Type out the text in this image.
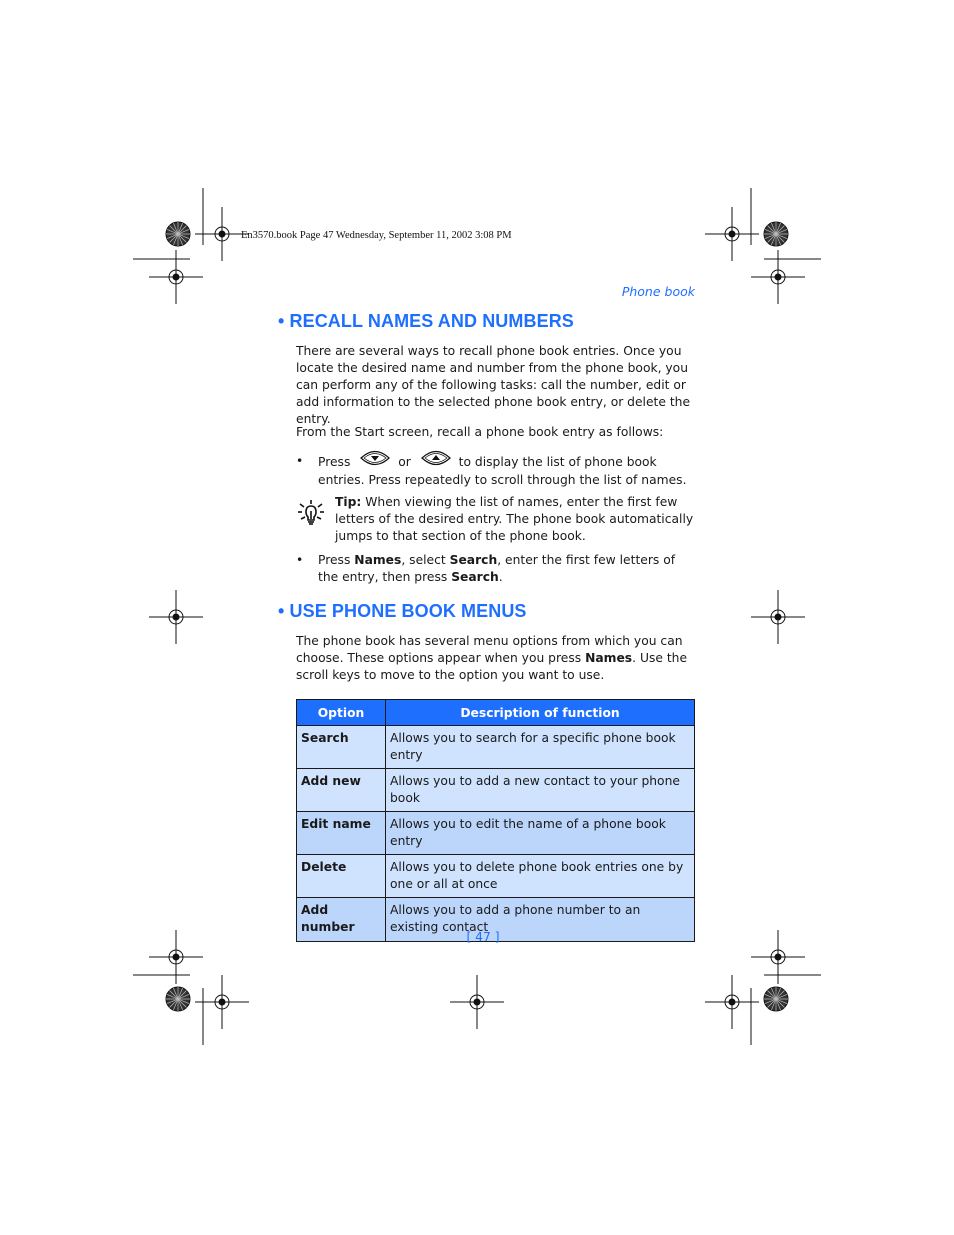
En3570.book Page 47 Wednesday, September 11, 2002 3:08 PM
Phone book
• RECALL NAMES AND NUMBERS

There are several ways to recall phone book entries. Once you locate the desired name and number from the phone book, you can perform any of the following tasks: call the number, edit or add information to the selected phone book entry, or delete the entry.

From the Start screen, recall a phone book entry as follows:

• Press	or	to display the list of phone book entries. Press repeatedly to scroll through the list of names.
Tip: When viewing the list of names, enter the first few letters of the desired entry. The phone book automatically jumps to that section of the phone book.
• Press Names, select Search, enter the first few letters of the entry, then press Search.
• USE PHONE BOOK MENUS

The phone book has several menu options from which you can choose. These options appear when you press Names. Use the scroll keys to move to the option you want to use.

Option	Description of function
Search	Allows you to search for a specific phone book entry
Add new	Allows you to add a new contact to your phone book
Edit name	Allows you to edit the name of a phone book entry
Delete	Allows you to delete phone book entries one by one or all at once
Add number	Allows you to add a phone number to an existing contact
[ 47 ]
